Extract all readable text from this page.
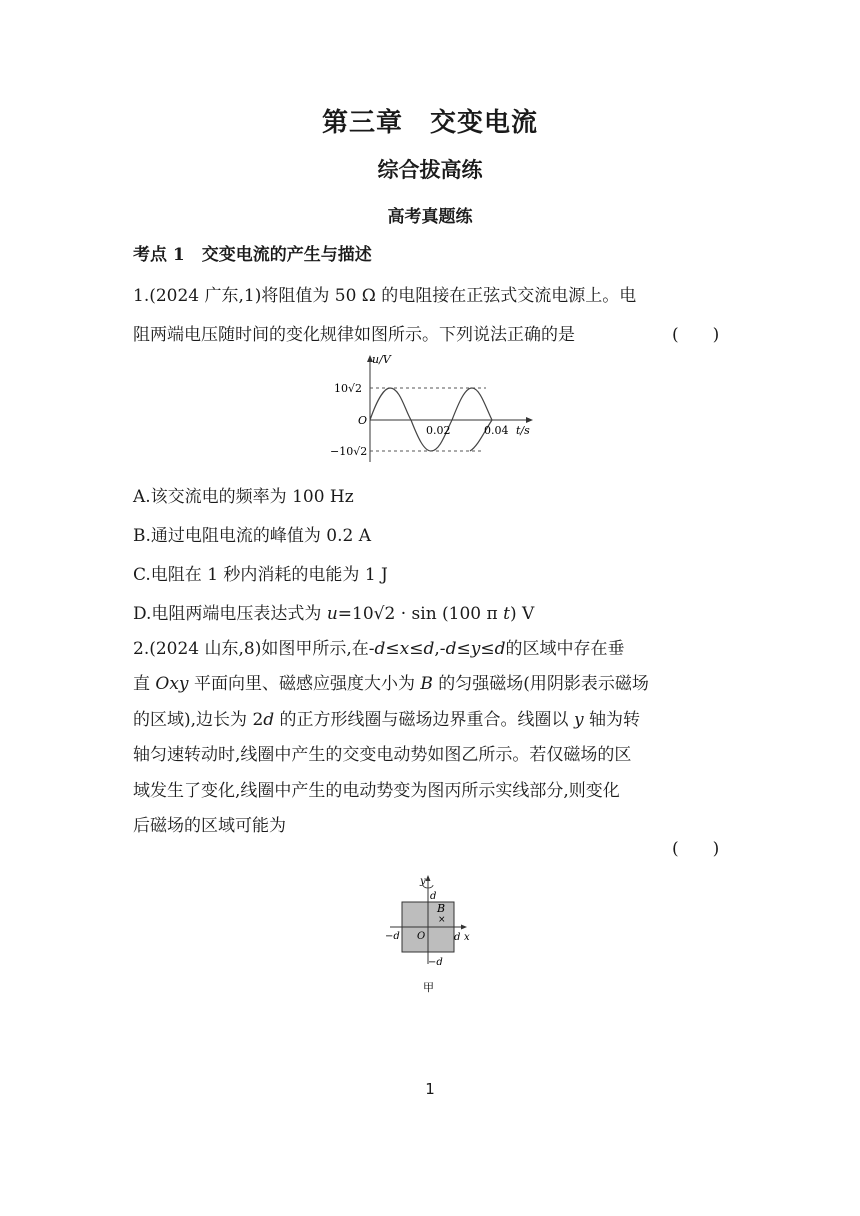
第三章　交变电流
综合拔高练
高考真题练
考点 1　交变电流的产生与描述
1.(2024 广东,1)将阻值为 50 Ω 的电阻接在正弦式交流电源上。电
阻两端电压随时间的变化规律如图所示。下列说法正确的是	(　　)
u/V
10√2
O
−10√2
0.02	0.04 t/s
A.该交流电的频率为 100 Hz
B.通过电阻电流的峰值为 0.2 A
C.电阻在 1 秒内消耗的电能为 1 J
D.电阻两端电压表达式为 u=10√2 · sin (100 π t) V
2.(2024 山东,8)如图甲所示,在-d≤x≤d,-d≤y≤d的区域中存在垂
直 Oxy 平面向里、磁感应强度大小为 B 的匀强磁场(用阴影表示磁场
的区域),边长为 2d 的正方形线圈与磁场边界重合。线圈以 y 轴为转
轴匀速转动时,线圈中产生的交变电动势如图乙所示。若仅磁场的区
域发生了变化,线圈中产生的电动势变为图丙所示实线部分,则变化
后磁场的区域可能为
(　　)
y
d
B
×
−d O	d x
−d
甲
1
